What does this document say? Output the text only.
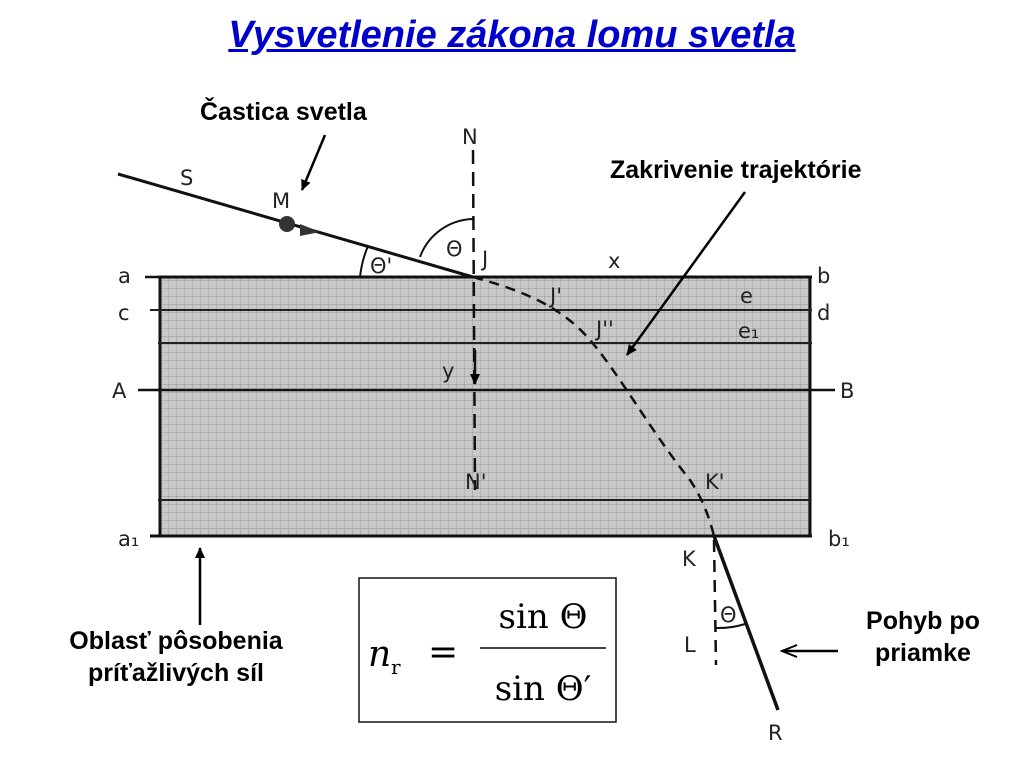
Vysvetlenie zákona lomu svetla
Častica svetla
Zakrivenie trajektórie
Oblasť pôsobenia
príťažlivých síl
Pohyb po
priamke
S
M
N
Θ
Θ'	J	x
a	b
c	d
J'
J''
e
e₁
y
A	B
N'	K'
a₁	b₁
K
Θ
L
R
n r =
sin Θ
sin Θ′
